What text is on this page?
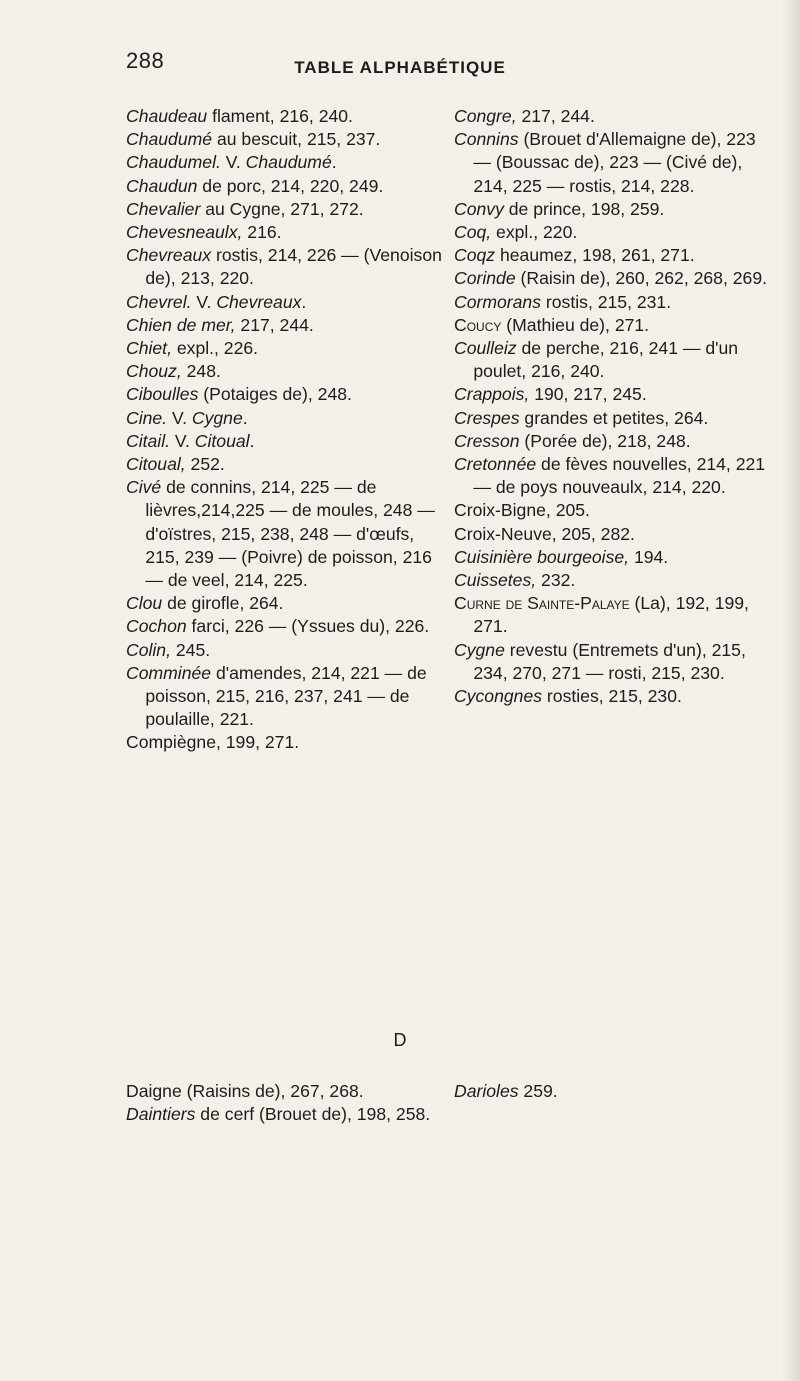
288	TABLE ALPHABÉTIQUE

Chaudeau flament, 216, 240.

Chaudumé au bescuit, 215, 237.

Chaudumel. V. Chaudumé.

Chaudun de porc, 214, 220, 249.

Chevalier au Cygne, 271, 272.

Chevesneaulx, 216.

Chevreaux rostis, 214, 226 — (Venoison de), 213, 220.

Chevrel. V. Chevreaux.

Chien de mer, 217, 244.

Chiet, expl., 226.

Chouz, 248.

Ciboulles (Potaiges de), 248.

Cine. V. Cygne.

Citail. V. Citoual.

Citoual, 252.

Civé de connins, 214, 225 — de lièvres,214,225 — de moules, 248 — d'oïstres, 215, 238, 248 — d'œufs, 215, 239 — (Poivre) de poisson, 216 — de veel, 214, 225.

Clou de girofle, 264.

Cochon farci, 226 — (Yssues du), 226.

Colin, 245.

Comminée d'amendes, 214, 221 — de poisson, 215, 216, 237, 241 — de poulaille, 221.

Compiègne, 199, 271.

Congre, 217, 244.

Connins (Brouet d'Allemaigne de), 223 — (Boussac de), 223 — (Civé de), 214, 225 — rostis, 214, 228.

Convy de prince, 198, 259.

Coq, expl., 220.

Coqz heaumez, 198, 261, 271.

Corinde (Raisin de), 260, 262, 268, 269.

Cormorans rostis, 215, 231.

Coucy (Mathieu de), 271.

Coulleiz de perche, 216, 241 — d'un poulet, 216, 240.

Crappois, 190, 217, 245.

Crespes grandes et petites, 264.

Cresson (Porée de), 218, 248.

Cretonnée de fèves nouvelles, 214, 221 — de poys nouveaulx, 214, 220.

Croix-Bigne, 205.

Croix-Neuve, 205, 282.

Cuisinière bourgeoise, 194.

Cuissetes, 232.

Curne de Sainte-Palaye (La), 192, 199, 271.

Cygne revestu (Entremets d'un), 215, 234, 270, 271 — rosti, 215, 230.

Cycongnes rosties, 215, 230.

D

Daigne (Raisins de), 267, 268.

Daintiers de cerf (Brouet de), 198, 258.

Darioles 259.
